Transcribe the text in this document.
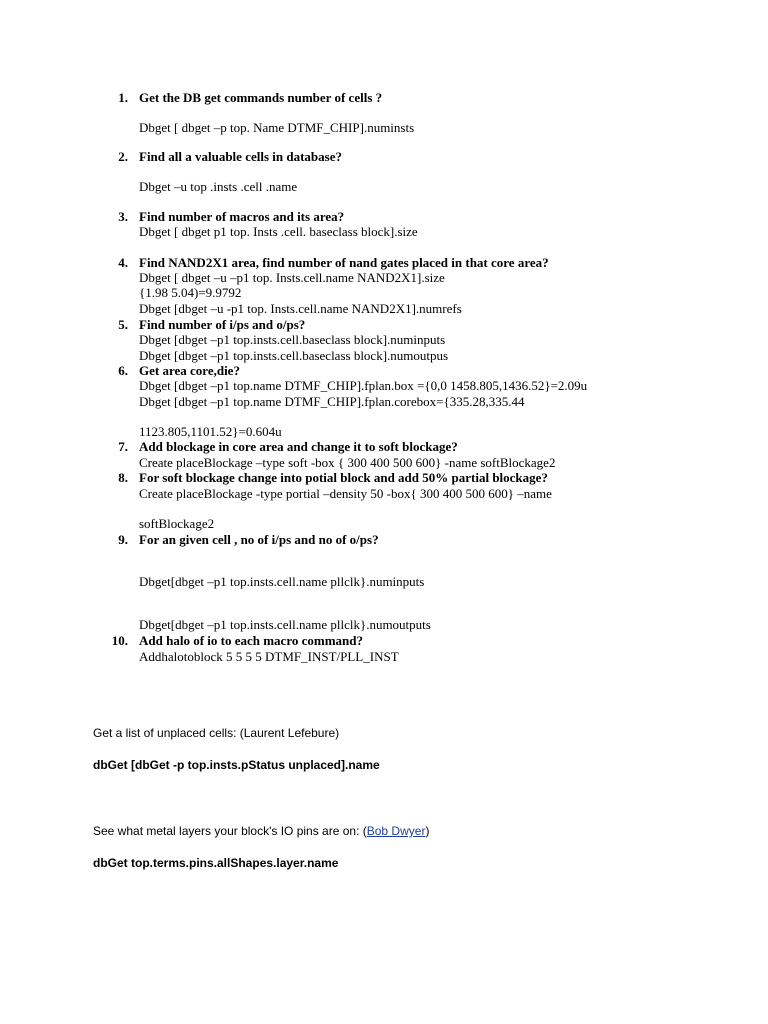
1. Get the DB get commands number of cells ?
Dbget [ dbget –p top. Name DTMF_CHIP].numinsts
2. Find all a valuable cells in database?
Dbget –u top .insts .cell .name
3. Find number of macros and its area?
Dbget [ dbget p1 top. Insts .cell. baseclass block].size
4. Find NAND2X1 area, find number of nand gates placed in that core area?
Dbget [ dbget –u –p1 top. Insts.cell.name NAND2X1].size
{1.98 5.04)=9.9792
Dbget [dbget –u -p1 top. Insts.cell.name NAND2X1].numrefs
5. Find number of i/ps and o/ps?
Dbget [dbget –p1 top.insts.cell.baseclass block].numinputs
Dbget [dbget –p1 top.insts.cell.baseclass block].numoutpus
6. Get area core,die?
Dbget [dbget –p1 top.name DTMF_CHIP].fplan.box ={0,0 1458.805,1436.52}=2.09u
Dbget [dbget –p1 top.name DTMF_CHIP].fplan.corebox={335.28,335.44
1123.805,1101.52}=0.604u
7. Add blockage in core area and change it to soft blockage?
Create placeBlockage –type soft -box { 300 400 500 600} -name softBlockage2
8. For soft blockage change into potial block and add 50% partial blockage?
Create placeBlockage -type portial –density 50 -box{ 300 400 500 600} –name
softBlockage2
9. For an given cell , no of i/ps and no of o/ps?
Dbget[dbget –p1 top.insts.cell.name pllclk}.numinputs
Dbget[dbget –p1 top.insts.cell.name pllclk}.numoutputs
10. Add halo of io to each macro command?
Addhalotoblock 5 5 5 5 DTMF_INST/PLL_INST
Get a list of unplaced cells: (Laurent Lefebure)
dbGet [dbGet -p top.insts.pStatus unplaced].name
See what metal layers your block's IO pins are on: (Bob Dwyer)
dbGet top.terms.pins.allShapes.layer.name
